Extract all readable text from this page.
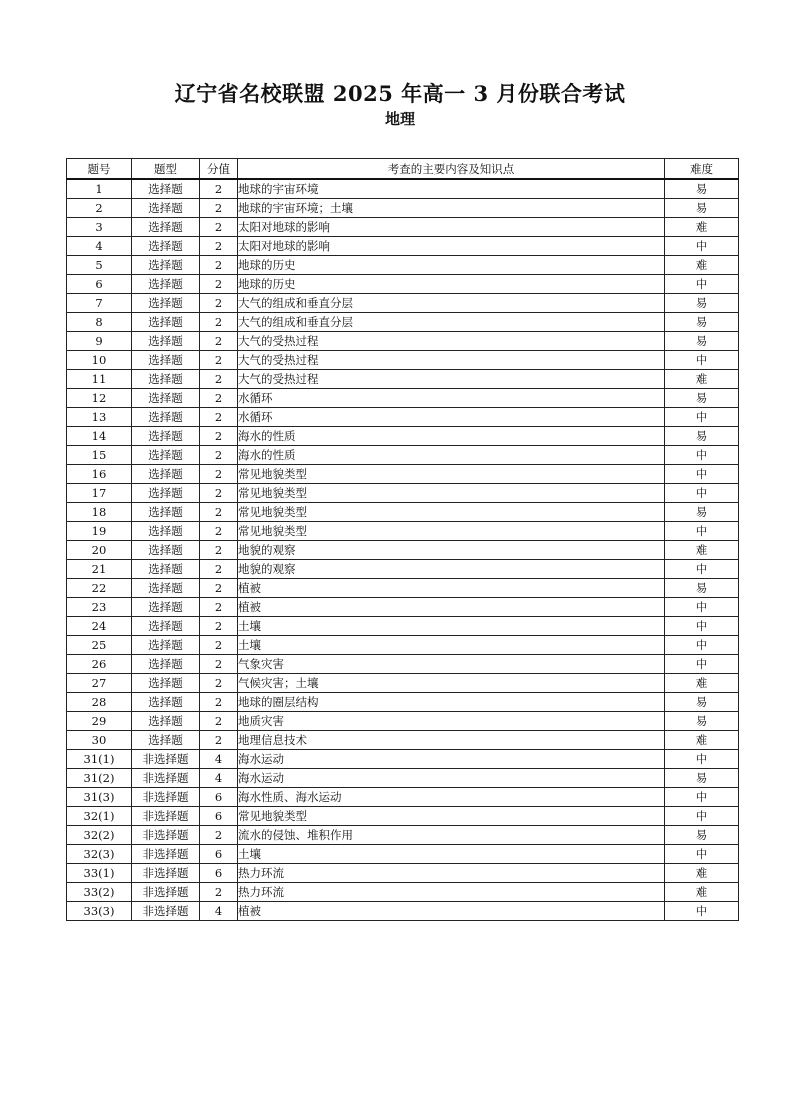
辽宁省名校联盟 2025 年高一 3 月份联合考试
地理
题号	题型	分值	考查的主要内容及知识点	难度
1	选择题	2	地球的宇宙环境	易
2	选择题	2	地球的宇宙环境；土壤	易
3	选择题	2	太阳对地球的影响	难
4	选择题	2	太阳对地球的影响	中
5	选择题	2	地球的历史	难
6	选择题	2	地球的历史	中
7	选择题	2	大气的组成和垂直分层	易
8	选择题	2	大气的组成和垂直分层	易
9	选择题	2	大气的受热过程	易
10	选择题	2	大气的受热过程	中
11	选择题	2	大气的受热过程	难
12	选择题	2	水循环	易
13	选择题	2	水循环	中
14	选择题	2	海水的性质	易
15	选择题	2	海水的性质	中
16	选择题	2	常见地貌类型	中
17	选择题	2	常见地貌类型	中
18	选择题	2	常见地貌类型	易
19	选择题	2	常见地貌类型	中
20	选择题	2	地貌的观察	难
21	选择题	2	地貌的观察	中
22	选择题	2	植被	易
23	选择题	2	植被	中
24	选择题	2	土壤	中
25	选择题	2	土壤	中
26	选择题	2	气象灾害	中
27	选择题	2	气候灾害；土壤	难
28	选择题	2	地球的圈层结构	易
29	选择题	2	地质灾害	易
30	选择题	2	地理信息技术	难
31(1)	非选择题	4	海水运动	中
31(2)	非选择题	4	海水运动	易
31(3)	非选择题	6	海水性质、海水运动	中
32(1)	非选择题	6	常见地貌类型	中
32(2)	非选择题	2	流水的侵蚀、堆积作用	易
32(3)	非选择题	6	土壤	中
33(1)	非选择题	6	热力环流	难
33(2)	非选择题	2	热力环流	难
33(3)	非选择题	4	植被	中
